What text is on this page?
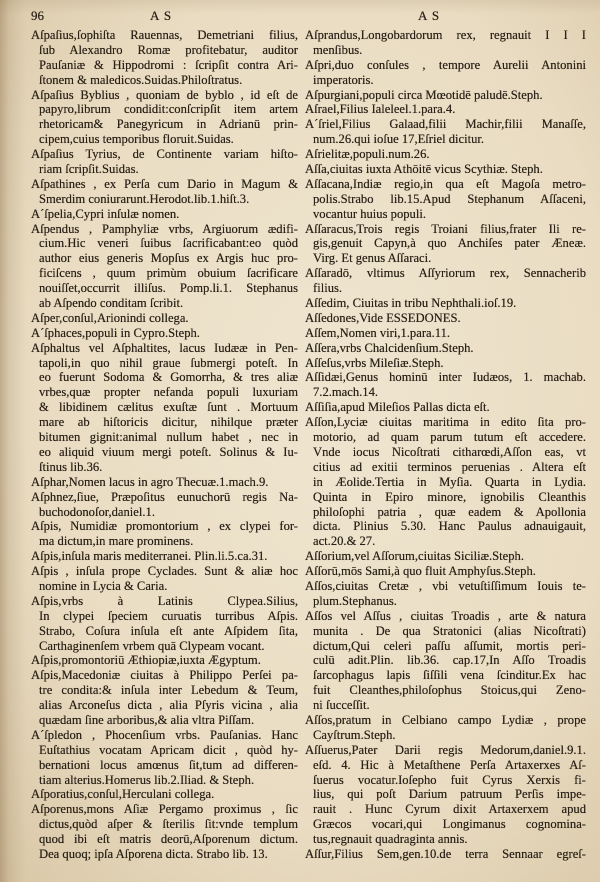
96	A S	A S
Aſpaſius,ſophiſta Rauennas, Demetriani filius,
ſub Alexandro Romæ profitebatur, auditor
Pauſaniæ & Hippodromi : ſcripſit contra Ari-
ſtonem & maledicos.Suidas.Philoſtratus.
Aſpaſius Byblius , quoniam de byblo , id eſt de
papyro,librum condidit:conſcripſit item artem
rhetoricam& Panegyricum in Adrianū prin-
cipem,cuius temporibus floruit.Suidas.
Aſpaſius Tyrius, de Continente variam hiſto-
riam ſcripſit.Suidas.
Aſpathines , ex Perſa cum Dario in Magum &
Smerdim coniurarunt.Herodot.lib.1.hiſt.3.
A´ſpelia,Cypri inſulæ nomen.
Aſpendus , Pamphyliæ vrbs, Argiuorum ædifi-
cium.Hic veneri ſuibus ſacrificabant:eo quòd
author eius generis Mopſus ex Argis huc pro-
ficiſcens , quum primùm obuium ſacrificare
nouiſſet,occurrit illiſus. Pomp.li.1. Stephanus
ab Aſpendo conditam ſcribit.
Aſper,conſul,Arionindi collega.
A´ſphaces,populi in Cypro.Steph.
Aſphaltus vel Aſphaltites, lacus Iudææ in Pen-
tapoli,in quo nihil graue ſubmergi poteſt. In
eo fuerunt Sodoma & Gomorrha, & tres aliæ
vrbes,quæ propter nefanda populi luxuriam
& libidinem cælitus exuſtæ ſunt . Mortuum
mare ab hiſtoricis dicitur, nihilque præter
bitumen gignit:animal nullum habet , nec in
eo aliquid viuum mergi poteſt. Solinus & Iu-
ſtinus lib.36.
Aſphar,Nomen lacus in agro Thecuæ.1.mach.9.
Aſphnez,ſiue, Præpoſitus eunuchorū regis Na-
buchodonoſor,daniel.1.
Aſpis, Numidiæ promontorium , ex clypei for-
ma dictum,in mare prominens.
Aſpis,inſula maris mediterranei. Plin.li.5.ca.31.
Aſpis , inſula prope Cyclades. Sunt & aliæ hoc
nomine in Lycia & Caria.
Aſpis,vrbs à Latinis Clypea.Silius,
In clypei ſpeciem curuatis turribus Aſpis.
Strabo, Coſura inſula eſt ante Aſpidem ſita,
Carthaginenſem vrbem quā Clypeam vocant.
Aſpis,promontoriū Æthiopiæ,iuxta Ægyptum.
Aſpis,Macedoniæ ciuitas à Philippo Perſei pa-
tre condita:& inſula inter Lebedum & Teum,
alias Arconeſus dicta , alia Pſyris vicina , alia
quædam ſine arboribus,& alia vltra Piſſam.
A´ſpledon , Phocenſium vrbs. Pauſanias. Hanc
Euſtathius vocatam Apricam dicit , quòd hy-
bernationi locus amœnus ſit,tum ad differen-
tiam alterius.Homerus lib.2.Iliad. & Steph.
Aſporatius,conſul,Herculani collega.
Aſporenus,mons Aſiæ Pergamo proximus , ſic
dictus,quòd aſper & ſterilis ſit:vnde templum
quod ibi eſt matris deorū,Aſporenum dictum.
Dea quoq; ipſa Aſporena dicta. Strabo lib. 13.
Aſprandus,Longobardorum rex, regnauit I I I
menſibus.
Aſpri,duo conſules , tempore Aurelii Antonini
imperatoris.
Aſpurgiani,populi circa Mœotidē paludē.Steph.
Aſrael,Filius Ialeleel.1.para.4.
A´ſriel,Filius Galaad,filii Machir,filii Manaſſe,
num.26.qui ioſue 17,Eſriel dicitur.
Aſrielitæ,populi.num.26.
Aſſa,ciuitas iuxta Athōitē vicus Scythiæ. Steph.
Aſſacana,Indiæ regio,in qua eſt Magoſa metro-
polis.Strabo lib.15.Apud Stephanum Aſſaceni,
vocantur huius populi.
Aſſaracus,Trois regis Troiani filius,frater Ili re-
gis,genuit Capyn,à quo Anchiſes pater Æneæ.
Virg. Et genus Aſſaraci.
Aſſaradō, vltimus Aſſyriorum rex, Sennacherib
filius.
Aſſedim, Ciuitas in tribu Nephthali.ioſ.19.
Aſſedones,Vide ESSEDONES.
Aſſem,Nomen viri,1.para.11.
Aſſera,vrbs Chalcidenſium.Steph.
Aſſeſus,vrbs Mileſiæ.Steph.
Aſſidæi,Genus hominū inter Iudæos, 1. machab.
7.2.mach.14.
Aſſiſia,apud Mileſios Pallas dicta eſt.
Aſſon,Lyciæ ciuitas maritima in edito ſita pro-
motorio, ad quam parum tutum eſt accedere.
Vnde iocus Nicoſtrati citharœdi,Aſſon eas, vt
citius ad exitii terminos peruenias . Altera eſt
in Æolide.Tertia in Myſia. Quarta in Lydia.
Quinta in Epiro minore, ignobilis Cleanthis
philoſophi patria , quæ eadem & Apollonia
dicta. Plinius 5.30. Hanc Paulus adnauigauit,
act.20.& 27.
Aſſorium,vel Aſſorum,ciuitas Siciliæ.Steph.
Aſſorū,mōs Sami,à quo fluit Amphyſus.Steph.
Aſſos,ciuitas Cretæ , vbi vetuſtiſſimum Iouis te-
plum.Stephanus.
Aſſos vel Aſſus , ciuitas Troadis , arte & natura
munita . De qua Stratonici (alias Nicoſtrati)
dictum,Qui celeri paſſu aſſumit, mortis peri-
culū adit.Plin. lib.36. cap.17,In Aſſo Troadis
ſarcophagus lapis ſiſſili vena ſcinditur.Ex hac
fuit Cleanthes,philoſophus Stoicus,qui Zeno-
ni ſucceſſit.
Aſſos,pratum in Celbiano campo Lydiæ , prope
Cayſtrum.Steph.
Aſſuerus,Pater Darii regis Medorum,daniel.9.1.
eſd. 4. Hic à Metaſthene Perſa Artaxerxes Aſ-
ſuerus vocatur.Ioſepho fuit Cyrus Xerxis fi-
lius, qui poſt Darium patruum Perſis impe-
rauit . Hunc Cyrum dixit Artaxerxem apud
Græcos vocari,qui Longimanus cognomina-
tus,regnauit quadraginta annis.
Aſſur,Filius Sem,gen.10.de terra Sennaar egreſ-
